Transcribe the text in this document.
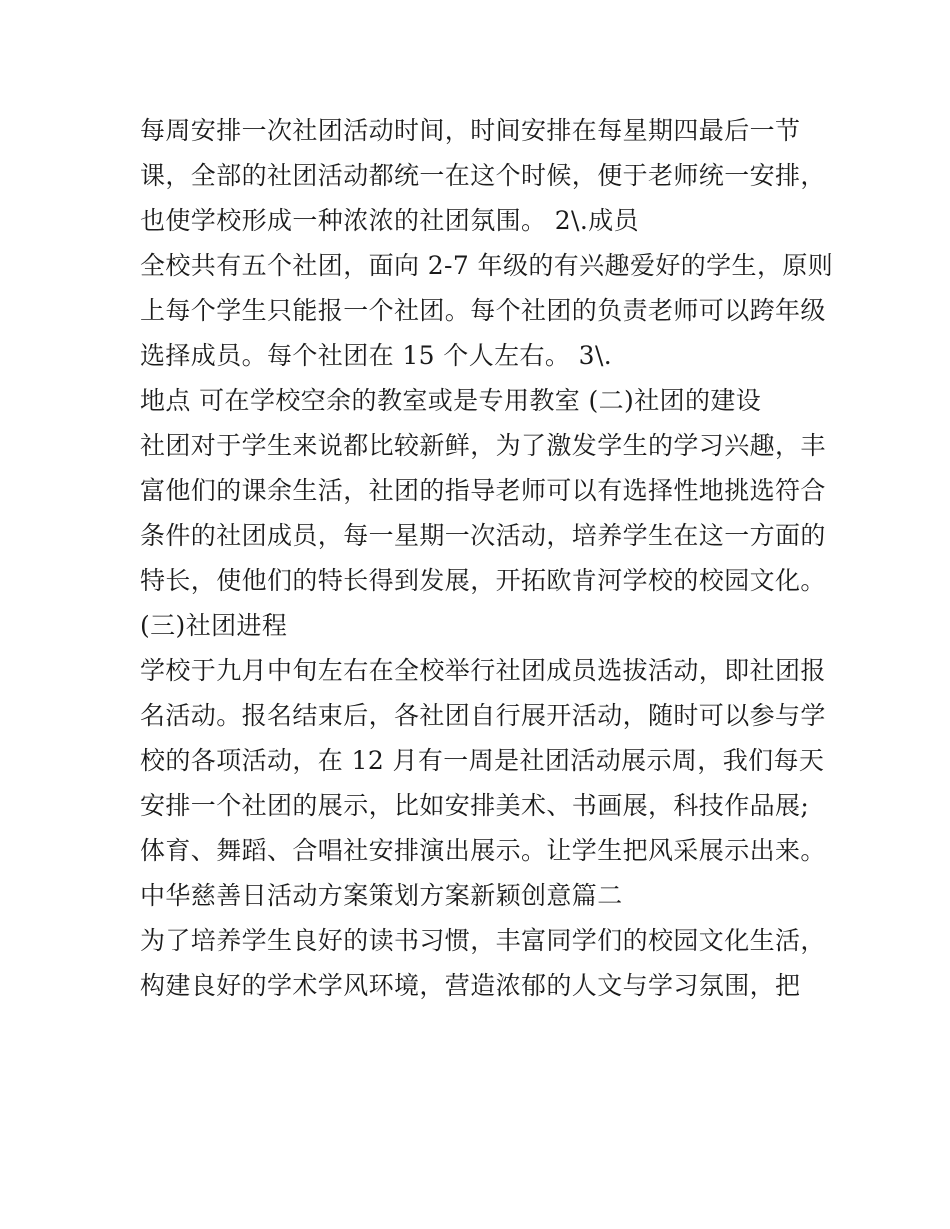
每周安排一次社团活动时间，时间安排在每星期四最后一节
课，全部的社团活动都统一在这个时候，便于老师统一安排，
也使学校形成一种浓浓的社团氛围。 2\.成员
全校共有五个社团，面向 2-7 年级的有兴趣爱好的学生，原则
上每个学生只能报一个社团。每个社团的负责老师可以跨年级
选择成员。每个社团在 15 个人左右。 3\.
地点 可在学校空余的教室或是专用教室 (二)社团的建设
社团对于学生来说都比较新鲜，为了激发学生的学习兴趣，丰
富他们的课余生活，社团的指导老师可以有选择性地挑选符合
条件的社团成员，每一星期一次活动，培养学生在这一方面的
特长，使他们的特长得到发展，开拓欧肯河学校的校园文化。
(三)社团进程
学校于九月中旬左右在全校举行社团成员选拔活动，即社团报
名活动。报名结束后，各社团自行展开活动，随时可以参与学
校的各项活动，在 12 月有一周是社团活动展示周，我们每天
安排一个社团的展示，比如安排美术、书画展，科技作品展;
体育、舞蹈、合唱社安排演出展示。让学生把风采展示出来。
中华慈善日活动方案策划方案新颖创意篇二
为了培养学生良好的读书习惯，丰富同学们的校园文化生活，
构建良好的学术学风环境，营造浓郁的人文与学习氛围，把
